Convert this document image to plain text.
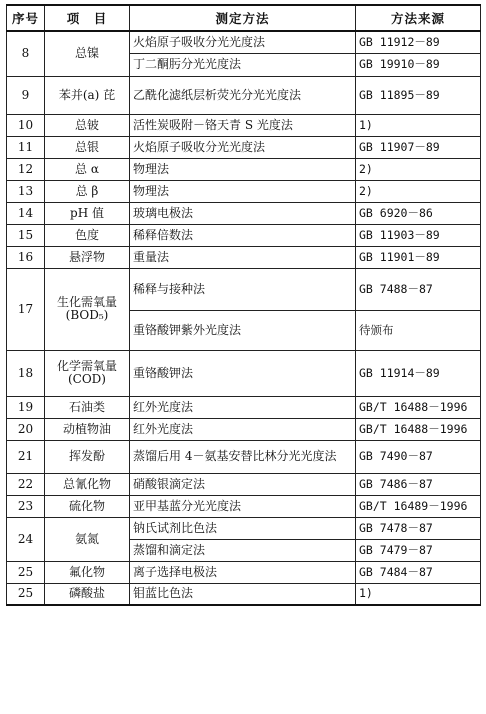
序号	项　目	测定方法	方法来源
8	总镍	火焰原子吸收分光光度法	GB 11912－89
		丁二酮肟分光光度法	GB 19910－89
9	苯并(a) 芘	乙酰化滤纸层析荧光分光光度法	GB 11895－89
10	总铍	活性炭吸附－铬天青 S 光度法	1)
11	总银	火焰原子吸收分光光度法	GB 11907－89
12	总 α	物理法	2)
13	总 β	物理法	2)
14	pH 值	玻璃电极法	GB 6920－86
15	色度	稀释倍数法	GB 11903－89
16	悬浮物	重量法	GB 11901－89
17	生化需氧量(BOD₅)	稀释与接种法	GB 7488－87
		重铬酸钾紫外光度法	待颁布
18	化学需氧量(COD)	重铬酸钾法	GB 11914－89
19	石油类	红外光度法	GB/T 16488－1996
20	动植物油	红外光度法	GB/T 16488－1996
21	挥发酚	蒸馏后用 4－氨基安替比林分光光度法	GB 7490－87
22	总氰化物	硝酸银滴定法	GB 7486－87
23	硫化物	亚甲基蓝分光光度法	GB/T 16489－1996
24	氨氮	钠氏试剂比色法	GB 7478－87
		蒸馏和滴定法	GB 7479－87
25	氟化物	离子选择电极法	GB 7484－87
25	磷酸盐	钼蓝比色法	1)
